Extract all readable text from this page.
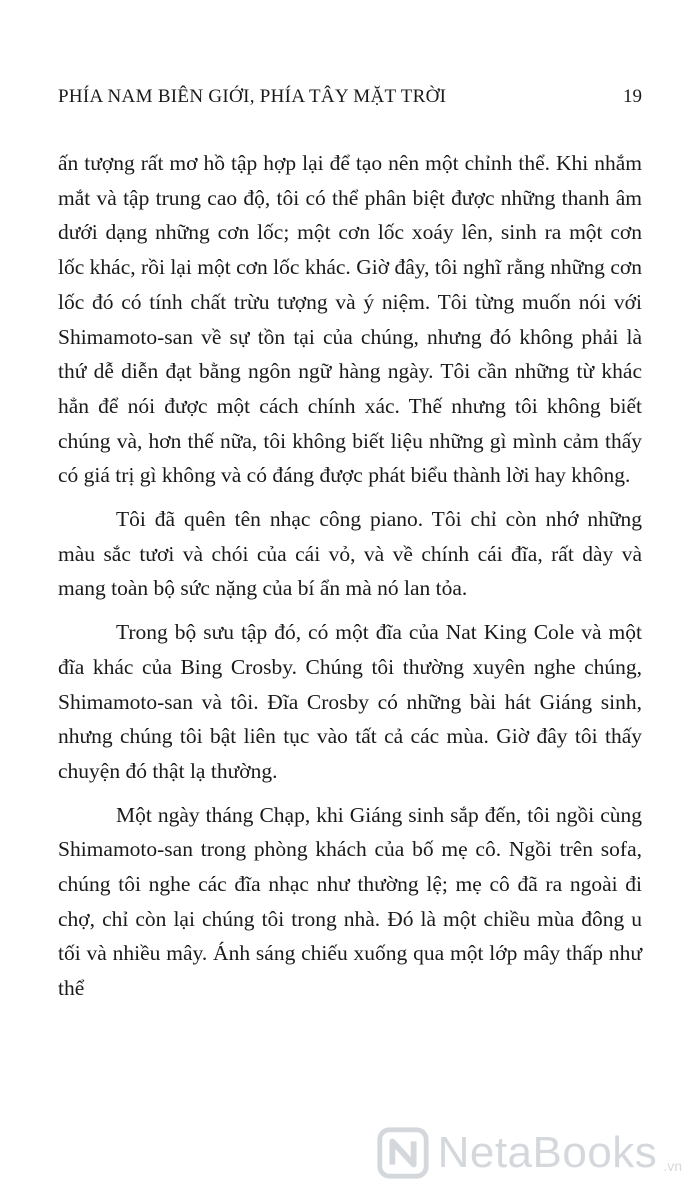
PHÍA NAM BIÊN GIỚI, PHÍA TÂY MẶT TRỜI	19

ấn tượng rất mơ hồ tập hợp lại để tạo nên một chỉnh thể. Khi nhắm mắt và tập trung cao độ, tôi có thể phân biệt được những thanh âm dưới dạng những cơn lốc; một cơn lốc xoáy lên, sinh ra một cơn lốc khác, rồi lại một cơn lốc khác. Giờ đây, tôi nghĩ rằng những cơn lốc đó có tính chất trừu tượng và ý niệm. Tôi từng muốn nói với Shimamoto-san về sự tồn tại của chúng, nhưng đó không phải là thứ dễ diễn đạt bằng ngôn ngữ hàng ngày. Tôi cần những từ khác hẳn để nói được một cách chính xác. Thế nhưng tôi không biết chúng và, hơn thế nữa, tôi không biết liệu những gì mình cảm thấy có giá trị gì không và có đáng được phát biểu thành lời hay không.

Tôi đã quên tên nhạc công piano. Tôi chỉ còn nhớ những màu sắc tươi và chói của cái vỏ, và về chính cái đĩa, rất dày và mang toàn bộ sức nặng của bí ẩn mà nó lan tỏa.

Trong bộ sưu tập đó, có một đĩa của Nat King Cole và một đĩa khác của Bing Crosby. Chúng tôi thường xuyên nghe chúng, Shimamoto-san và tôi. Đĩa Crosby có những bài hát Giáng sinh, nhưng chúng tôi bật liên tục vào tất cả các mùa. Giờ đây tôi thấy chuyện đó thật lạ thường.

Một ngày tháng Chạp, khi Giáng sinh sắp đến, tôi ngồi cùng Shimamoto-san trong phòng khách của bố mẹ cô. Ngồi trên sofa, chúng tôi nghe các đĩa nhạc như thường lệ; mẹ cô đã ra ngoài đi chợ, chỉ còn lại chúng tôi trong nhà. Đó là một chiều mùa đông u tối và nhiều mây. Ánh sáng chiếu xuống qua một lớp mây thấp như thể

NetaBooks .vn
